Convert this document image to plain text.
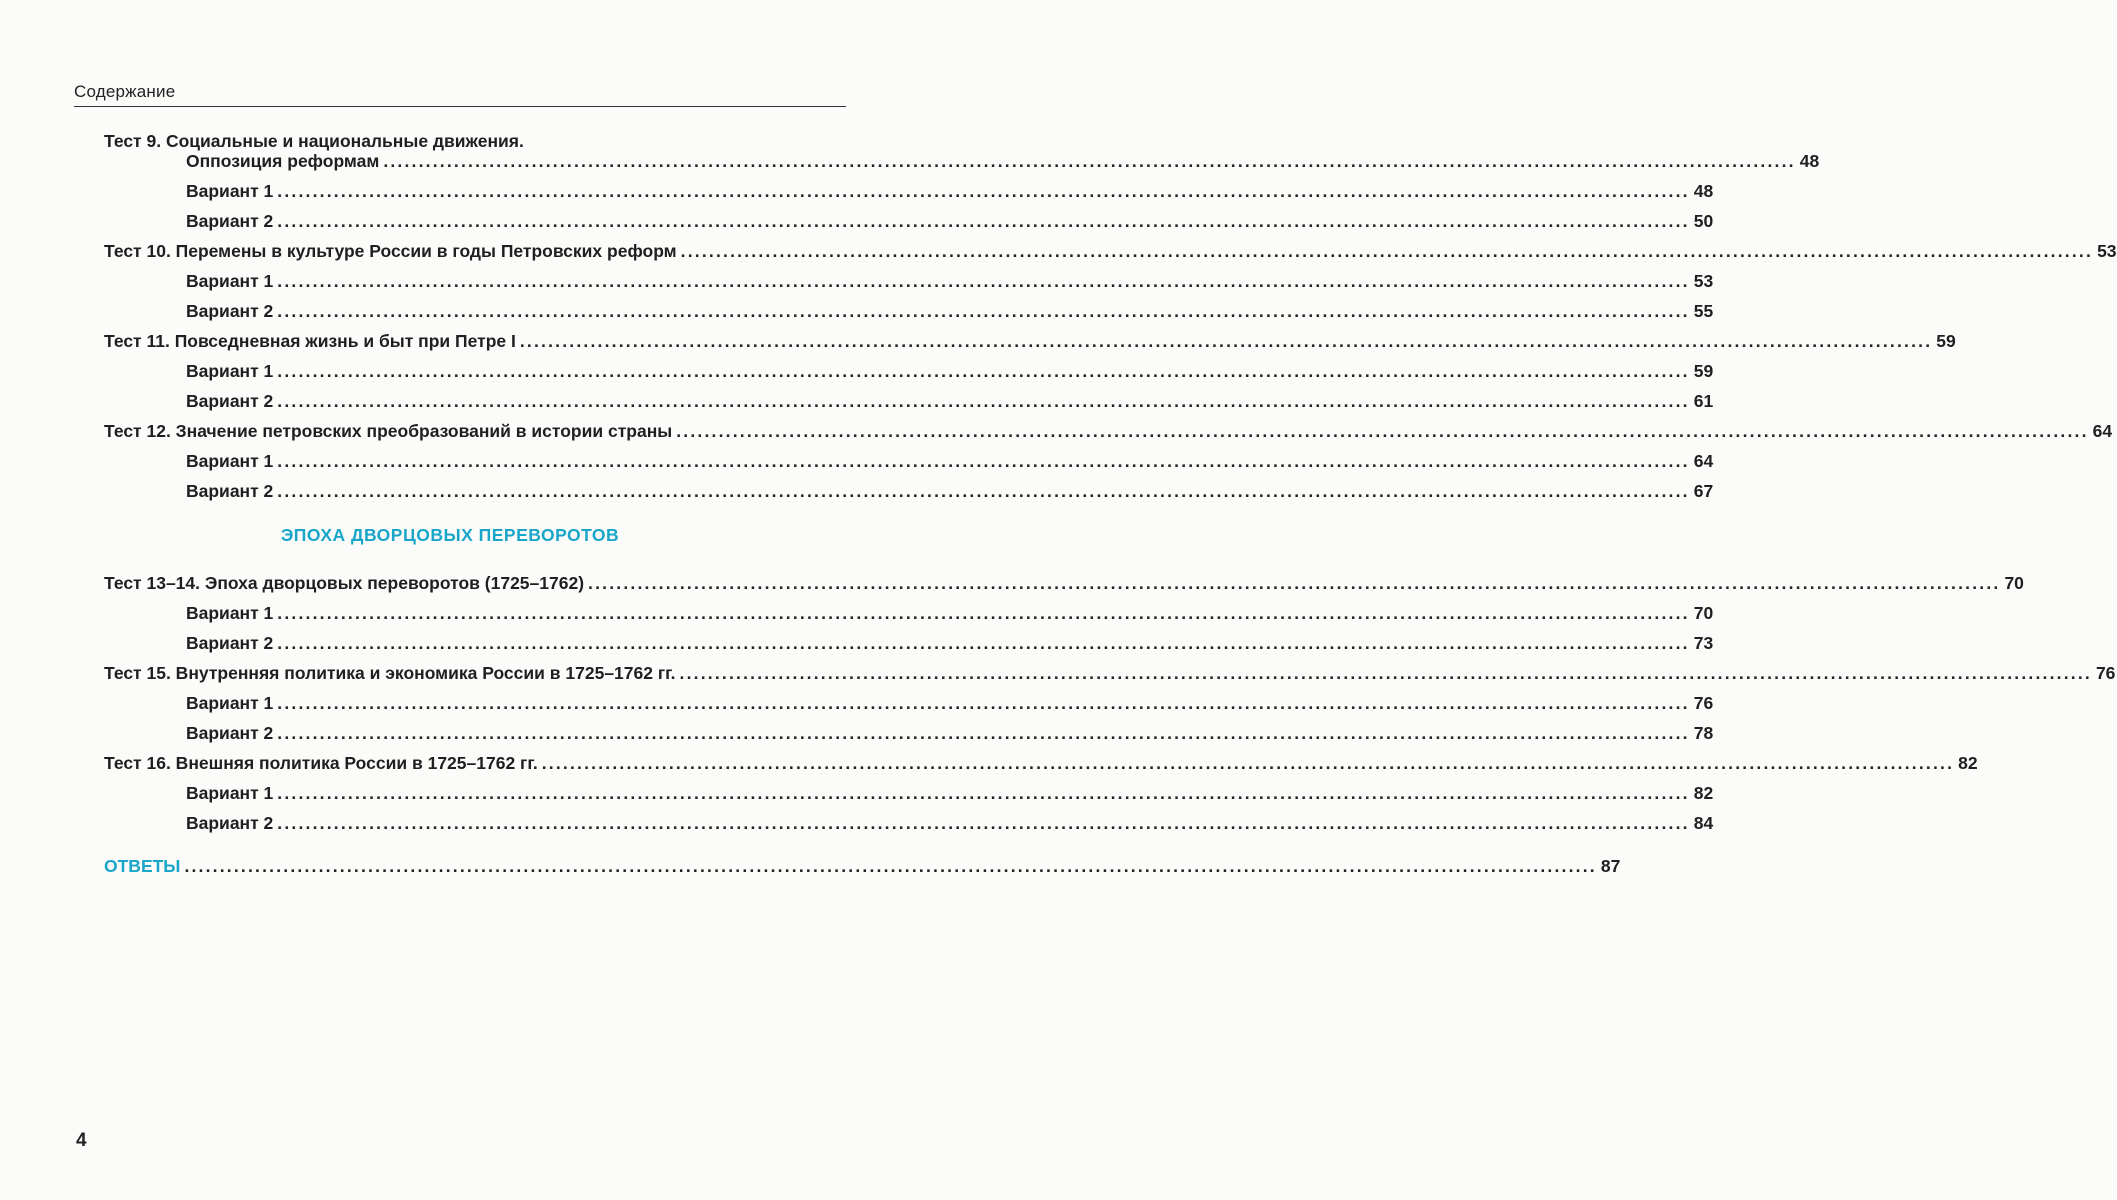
Содержание
Тест 9. Социальные и национальные движения.
Оппозиция реформам ........................................................................................................................................................................................................ 48
Вариант 1 ........................................................................................................................................................................................................ 48
Вариант 2 ........................................................................................................................................................................................................ 50
Тест 10. Перемены в культуре России в годы Петровских реформ ........................................................................................................................................................................................................ 53
Вариант 1 ........................................................................................................................................................................................................ 53
Вариант 2 ........................................................................................................................................................................................................ 55
Тест 11. Повседневная жизнь и быт при Петре I ........................................................................................................................................................................................................ 59
Вариант 1 ........................................................................................................................................................................................................ 59
Вариант 2 ........................................................................................................................................................................................................ 61
Тест 12. Значение петровских преобразований в истории страны ........................................................................................................................................................................................................ 64
Вариант 1 ........................................................................................................................................................................................................ 64
Вариант 2 ........................................................................................................................................................................................................ 67
ЭПОХА ДВОРЦОВЫХ ПЕРЕВОРОТОВ
Тест 13–14. Эпоха дворцовых переворотов (1725–1762) ........................................................................................................................................................................................................ 70
Вариант 1 ........................................................................................................................................................................................................ 70
Вариант 2 ........................................................................................................................................................................................................ 73
Тест 15. Внутренняя политика и экономика России в 1725–1762 гг. ........................................................................................................................................................................................................ 76
Вариант 1 ........................................................................................................................................................................................................ 76
Вариант 2 ........................................................................................................................................................................................................ 78
Тест 16. Внешняя политика России в 1725–1762 гг. ........................................................................................................................................................................................................ 82
Вариант 1 ........................................................................................................................................................................................................ 82
Вариант 2 ........................................................................................................................................................................................................ 84
ОТВЕТЫ ........................................................................................................................................................................................................ 87
4
